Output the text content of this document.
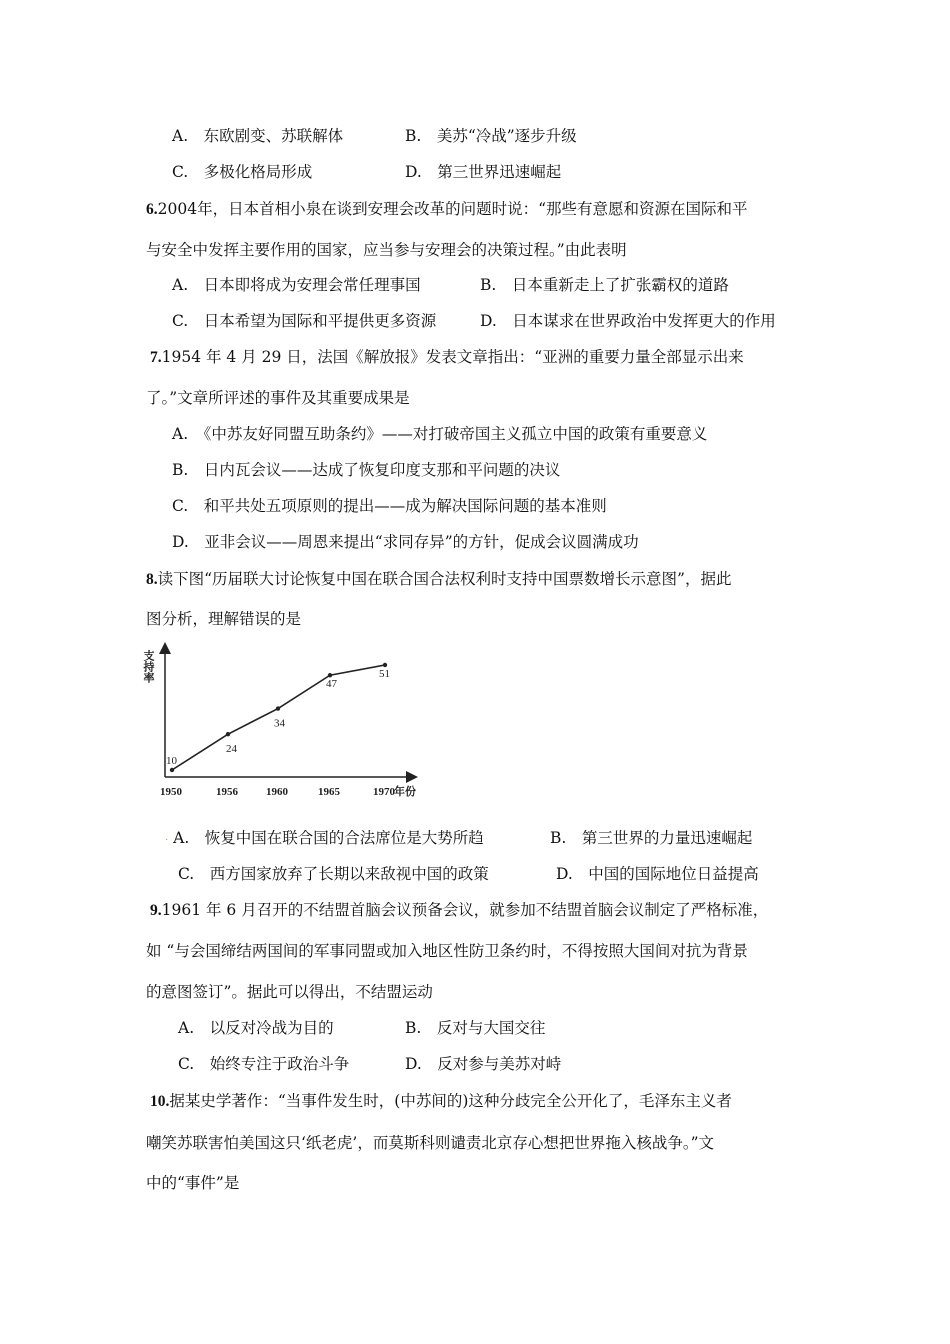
A.　东欧剧变、苏联解体	B.　美苏“冷战”逐步升级
C.　多极化格局形成	D.　第三世界迅速崛起
6.2004年，日本首相小泉在谈到安理会改革的问题时说：“那些有意愿和资源在国际和平
与安全中发挥主要作用的国家，应当参与安理会的决策过程。”由此表明
A.　日本即将成为安理会常任理事国	B.　日本重新走上了扩张霸权的道路
C.　日本希望为国际和平提供更多资源	D.　日本谋求在世界政治中发挥更大的作用
7.1954 年 4 月 29 日，法国《解放报》发表文章指出：“亚洲的重要力量全部显示出来
了。”文章所评述的事件及其重要成果是
A.　《中苏友好同盟互助条约》——对打破帝国主义孤立中国的政策有重要意义
B.　日内瓦会议——达成了恢复印度支那和平问题的决议
C.　和平共处五项原则的提出——成为解决国际问题的基本准则
D.　亚非会议——周恩来提出“求同存异”的方针，促成会议圆满成功
8.读下图“历届联大讨论恢复中国在联合国合法权利时支持中国票数增长示意图”，据此
图分析，理解错误的是
支持率
年份
10
24
34
47
51
1950	1956	1960	1965	1970
· A.　恢复中国在联合国的合法席位是大势所趋	B.　第三世界的力量迅速崛起
C.　西方国家放弃了长期以来敌视中国的政策	D.　中国的国际地位日益提高
9.1961 年 6 月召开的不结盟首脑会议预备会议，就参加不结盟首脑会议制定了严格标准，
如 “与会国缔结两国间的军事同盟或加入地区性防卫条约时，不得按照大国间对抗为背景
的意图签订”。据此可以得出，不结盟运动
A.　以反对冷战为目的	B.　反对与大国交往
C.　始终专注于政治斗争	D.　反对参与美苏对峙
10.据某史学著作：“当事件发生时，(中苏间的)这种分歧完全公开化了，毛泽东主义者
嘲笑苏联害怕美国这只‘纸老虎’，而莫斯科则谴责北京存心想把世界拖入核战争。”文
中的“事件”是
